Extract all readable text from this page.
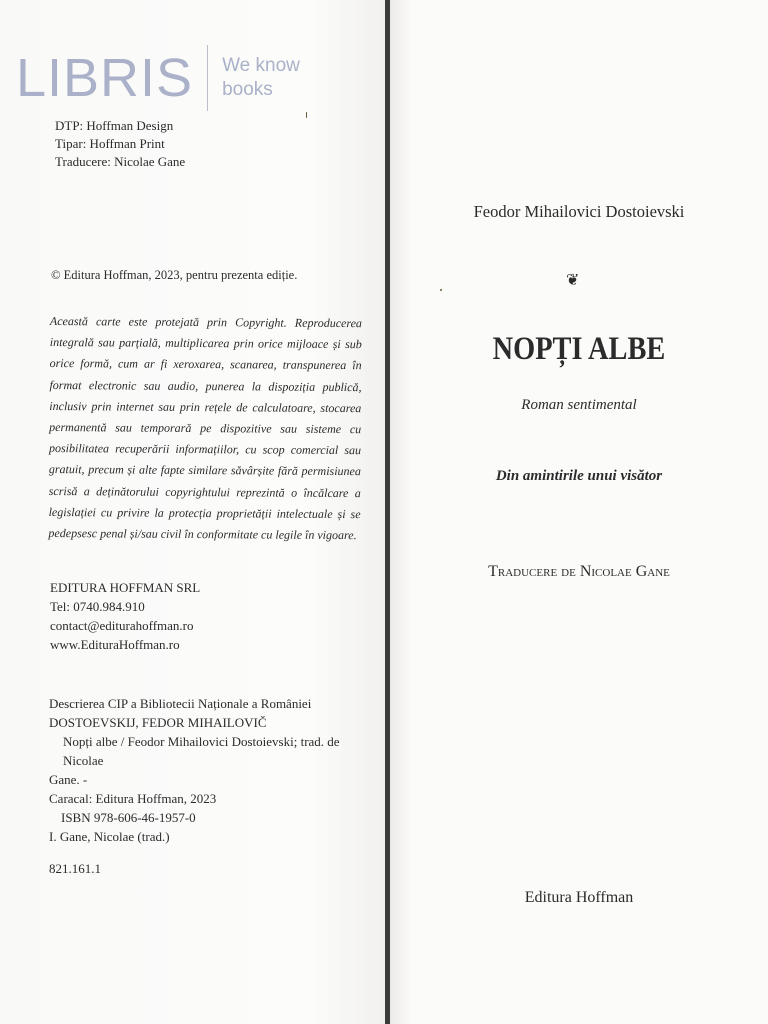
LIBRIS We know
books
DTP: Hoffman Design
Tipar: Hoffman Print
Traducere: Nicolae Gane
© Editura Hoffman, 2023, pentru prezenta ediție.
Această carte este protejată prin Copyright. Reproducerea integrală sau parțială, multiplicarea prin orice mijloace și sub orice formă, cum ar fi xeroxarea, scanarea, transpunerea în format electronic sau audio, punerea la dispoziția publică, inclusiv prin internet sau prin rețele de calculatoare, stocarea permanentă sau temporară pe dispozitive sau sisteme cu posibilitatea recuperării informațiilor, cu scop comercial sau gratuit, precum și alte fapte similare săvârșite fără permisiunea scrisă a deținătorului copyrightului reprezintă o încălcare a legislației cu privire la protecția proprietății intelectuale și se pedepsesc penal și/sau civil în conformitate cu legile în vigoare.
EDITURA HOFFMAN SRL
Tel: 0740.984.910
contact@editurahoffman.ro
www.EdituraHoffman.ro
Descrierea CIP a Bibliotecii Naționale a României
DOSTOEVSKIJ, FEDOR MIHAILOVIČ
Nopți albe / Feodor Mihailovici Dostoievski; trad. de Nicolae
Gane. -
Caracal: Editura Hoffman, 2023
ISBN 978-606-46-1957-0
I. Gane, Nicolae (trad.)
821.161.1
Feodor Mihailovici Dostoievski
❦
NOPȚI ALBE
Roman sentimental
Din amintirile unui visător
Traducere de Nicolae Gane
Editura Hoffman
